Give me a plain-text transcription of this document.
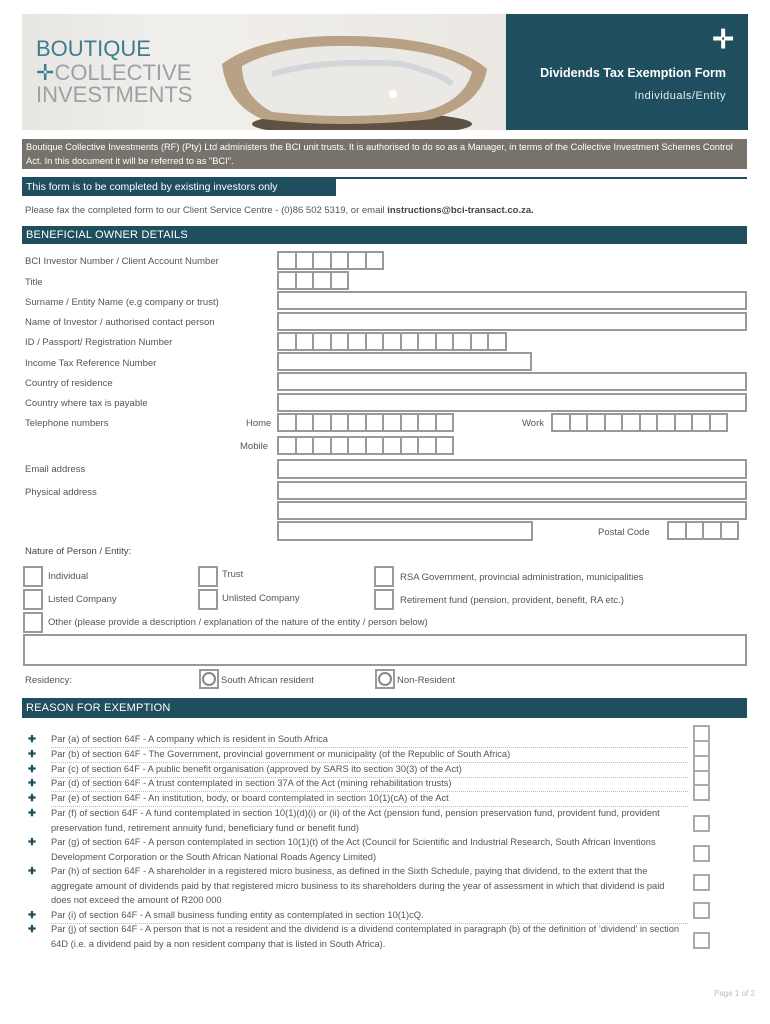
BOUTIQUE
✛COLLECTIVE
INVESTMENTS
✛
Dividends Tax Exemption Form
Individuals/Entity
Boutique Collective Investments (RF) (Pty) Ltd administers the BCI unit trusts. It is authorised to do so as a Manager, in terms of the Collective Investment Schemes Control Act. In this document it will be referred to as "BCI".
This form is to be completed by existing investors only
Please fax the completed form to our Client Service Centre - (0)86 502 5319, or email instructions@bci-transact.co.za.
BENEFICIAL OWNER DETAILS
BCI Investor Number / Client Account Number
Title
Surname / Entity Name (e.g company or trust)
Name of Investor / authorised contact person
ID / Passport/ Registration Number
Income Tax Reference Number
Country of residence
Country where tax is payable
Telephone numbers	Home	Work
Mobile
Email address
Physical address
Postal Code
Nature of Person / Entity:
Individual	Trust	RSA Government, provincial administration, municipalities
Listed Company	Unlisted Company	Retirement fund (pension, provident, benefit, RA etc.)
Other (please provide a description / explanation of the nature of the entity / person below)
Residency:	South African resident	Non-Resident
REASON FOR EXEMPTION
✚ Par (a) of section 64F - A company which is resident in South Africa
✚ Par (b) of section 64F - The Government, provincial government or municipality (of the Republic of South Africa)
✚ Par (c) of section 64F - A public benefit organisation (approved by SARS ito section 30(3) of the Act)
✚ Par (d) of section 64F - A trust contemplated in section 37A of the Act (mining rehabilitation trusts)
✚ Par (e) of section 64F - An institution, body, or board contemplated in section 10(1)(cA) of the Act
✚ Par (f) of section 64F - A fund contemplated in section 10(1)(d)(i) or (ii) of the Act (pension fund, pension preservation fund, provident fund, provident preservation fund, retirement annuity fund, beneficiary fund or benefit fund)
✚ Par (g) of section 64F - A person contemplated in section 10(1)(t) of the Act (Council for Scientific and Industrial Research, South African Inventions Development Corporation or the South African National Roads Agency Limited)
✚ Par (h) of section 64F - A shareholder in a registered micro business, as defined in the Sixth Schedule, paying that dividend, to the extent that the aggregate amount of dividends paid by that registered micro business to its shareholders during the year of assessment in which that dividend is paid does not exceed the amount of R200 000
✚ Par (i) of section 64F - A small business funding entity as contemplated in section 10(1)cQ.
✚ Par (j) of section 64F - A person that is not a resident and the dividend is a dividend contemplated in paragraph (b) of the definition of ‘dividend’ in section 64D (i.e. a dividend paid by a non resident company that is listed in South Africa).
Page 1 of 2
